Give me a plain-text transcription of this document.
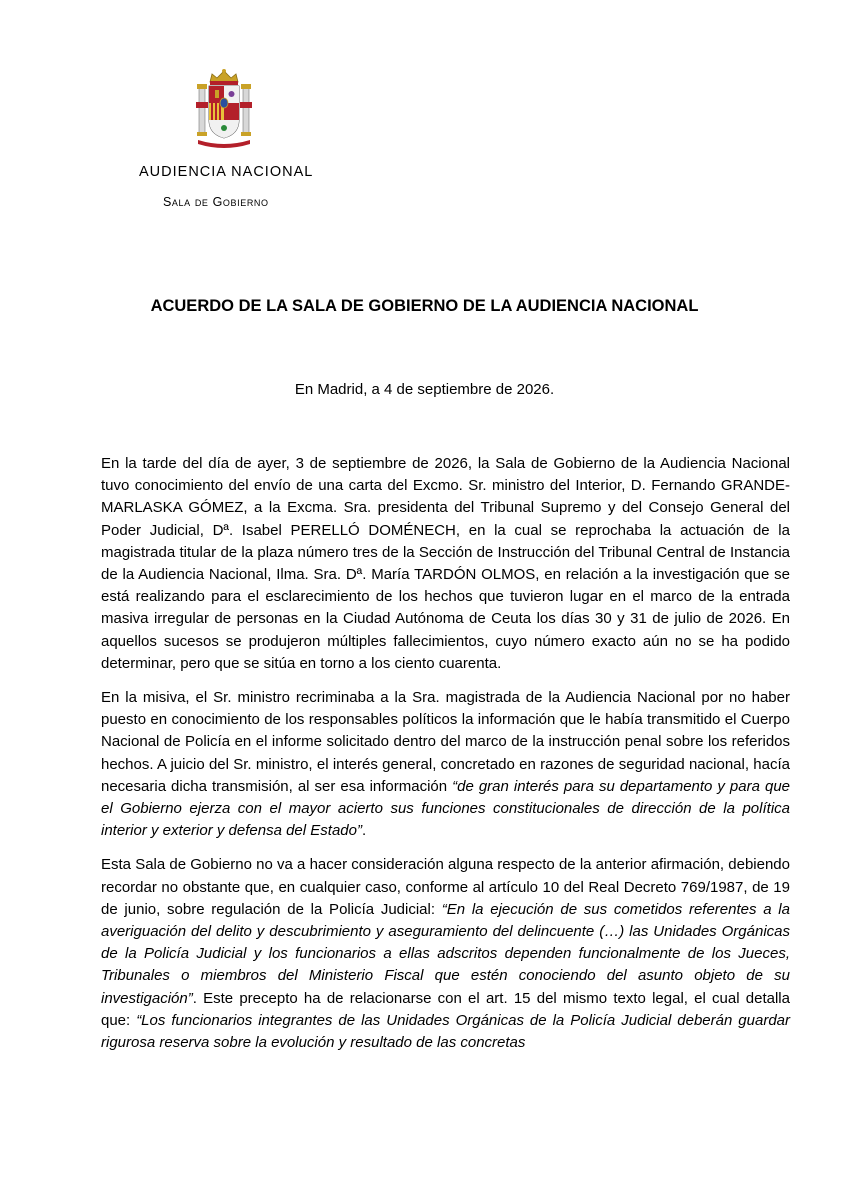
AUDIENCIA NACIONAL
Sala de Gobierno
ACUERDO DE LA SALA DE GOBIERNO DE LA AUDIENCIA NACIONAL
En Madrid, a 4 de septiembre de 2026.

En la tarde del día de ayer, 3 de septiembre de 2026, la Sala de Gobierno de la Audiencia Nacional tuvo conocimiento del envío de una carta del Excmo. Sr. ministro del Interior, D. Fernando GRANDE-MARLASKA GÓMEZ, a la Excma. Sra. presidenta del Tribunal Supremo y del Consejo General del Poder Judicial, Dª. Isabel PERELLÓ DOMÉNECH, en la cual se reprochaba la actuación de la magistrada titular de la plaza número tres de la Sección de Instrucción del Tribunal Central de Instancia de la Audiencia Nacional, Ilma. Sra. Dª. María TARDÓN OLMOS, en relación a la investigación que se está realizando para el esclarecimiento de los hechos que tuvieron lugar en el marco de la entrada masiva irregular de personas en la Ciudad Autónoma de Ceuta los días 30 y 31 de julio de 2026. En aquellos sucesos se produjeron múltiples fallecimientos, cuyo número exacto aún no se ha podido determinar, pero que se sitúa en torno a los ciento cuarenta.

En la misiva, el Sr. ministro recriminaba a la Sra. magistrada de la Audiencia Nacional por no haber puesto en conocimiento de los responsables políticos la información que le había transmitido el Cuerpo Nacional de Policía en el informe solicitado dentro del marco de la instrucción penal sobre los referidos hechos. A juicio del Sr. ministro, el interés general, concretado en razones de seguridad nacional, hacía necesaria dicha transmisión, al ser esa información “de gran interés para su departamento y para que el Gobierno ejerza con el mayor acierto sus funciones constitucionales de dirección de la política interior y exterior y defensa del Estado”.

Esta Sala de Gobierno no va a hacer consideración alguna respecto de la anterior afirmación, debiendo recordar no obstante que, en cualquier caso, conforme al artículo 10 del Real Decreto 769/1987, de 19 de junio, sobre regulación de la Policía Judicial: “En la ejecución de sus cometidos referentes a la averiguación del delito y descubrimiento y aseguramiento del delincuente (…) las Unidades Orgánicas de la Policía Judicial y los funcionarios a ellas adscritos dependen funcionalmente de los Jueces, Tribunales o miembros del Ministerio Fiscal que estén conociendo del asunto objeto de su investigación”. Este precepto ha de relacionarse con el art. 15 del mismo texto legal, el cual detalla que: “Los funcionarios integrantes de las Unidades Orgánicas de la Policía Judicial deberán guardar rigurosa reserva sobre la evolución y resultado de las concretas
